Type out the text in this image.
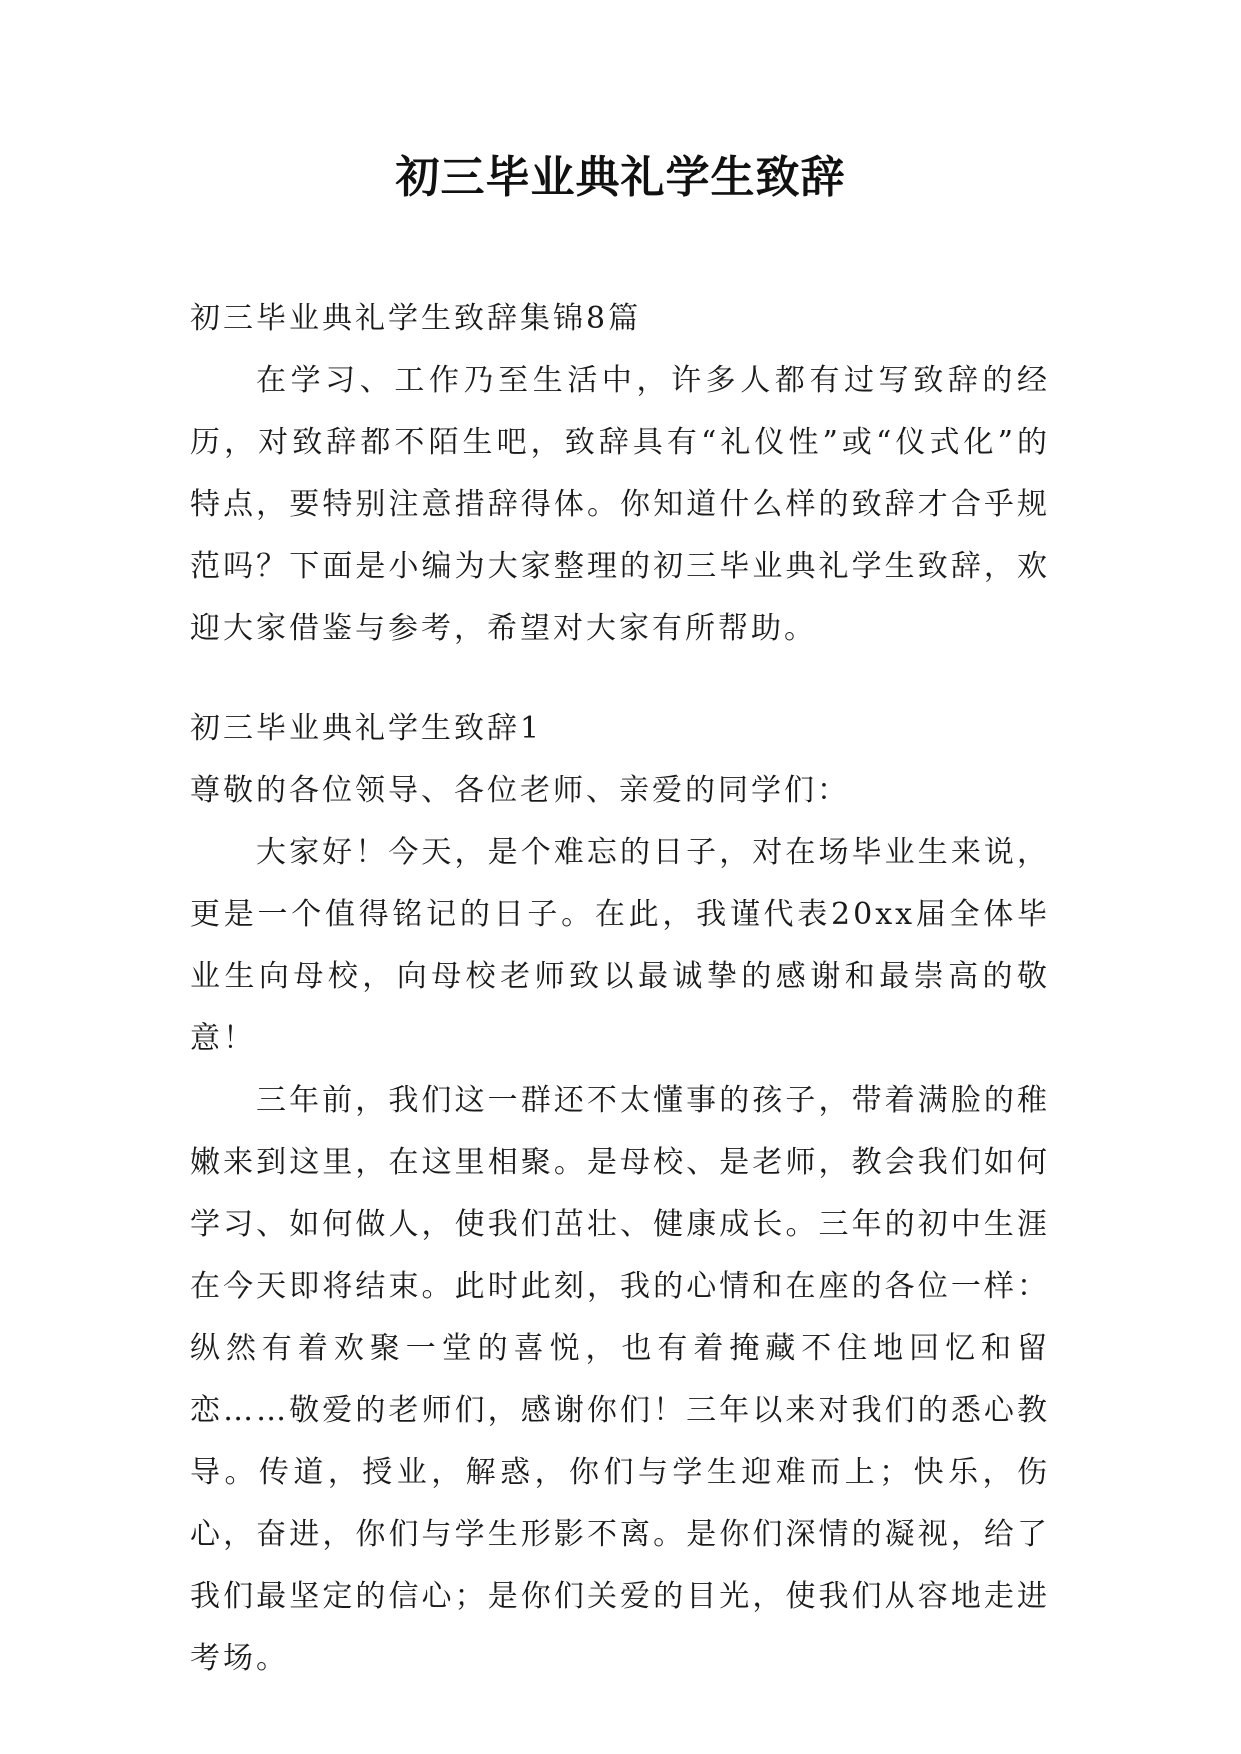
初三毕业典礼学生致辞
初三毕业典礼学生致辞集锦8篇

在学习、工作乃至生活中，许多人都有过写致辞的经历，对致辞都不陌生吧，致辞具有“礼仪性”或“仪式化”的特点，要特别注意措辞得体。你知道什么样的致辞才合乎规范吗？下面是小编为大家整理的初三毕业典礼学生致辞，欢迎大家借鉴与参考，希望对大家有所帮助。

初三毕业典礼学生致辞1
尊敬的各位领导、各位老师、亲爱的同学们：

大家好！今天，是个难忘的日子，对在场毕业生来说，更是一个值得铭记的日子。在此，我谨代表20xx届全体毕业生向母校，向母校老师致以最诚挚的感谢和最崇高的敬意！

三年前，我们这一群还不太懂事的孩子，带着满脸的稚嫩来到这里，在这里相聚。是母校、是老师，教会我们如何学习、如何做人，使我们茁壮、健康成长。三年的初中生涯在今天即将结束。此时此刻，我的心情和在座的各位一样：纵然有着欢聚一堂的喜悦，也有着掩藏不住地回忆和留恋……敬爱的老师们，感谢你们！三年以来对我们的悉心教导。传道，授业，解惑，你们与学生迎难而上；快乐，伤心，奋进，你们与学生形影不离。是你们深情的凝视，给了我们最坚定的信心；是你们关爱的目光，使我们从容地走进考场。
